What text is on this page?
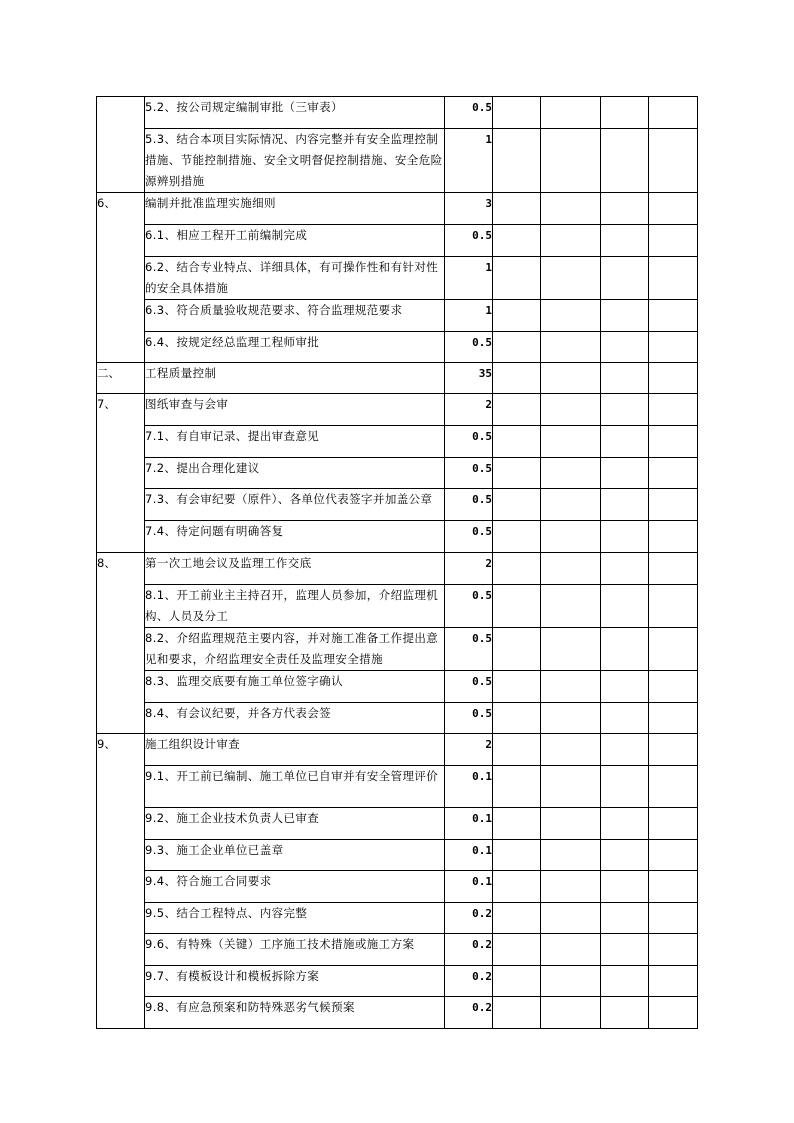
	5.2、按公司规定编制审批（三审表）	0.5				
	5.3、结合本项目实际情况、内容完整并有安全监理控制措施、节能控制措施、安全文明督促控制措施、安全危险源辨别措施	1				
6、	编制并批准监理实施细则	3				
	6.1、相应工程开工前编制完成	0.5				
	6.2、结合专业特点、详细具体，有可操作性和有针对性的安全具体措施	1				
	6.3、符合质量验收规范要求、符合监理规范要求	1				
	6.4、按规定经总监理工程师审批	0.5				
二、	工程质量控制	35				
7、	图纸审查与会审	2				
	7.1、有自审记录、提出审查意见	0.5				
	7.2、提出合理化建议	0.5				
	7.3、有会审纪要（原件）、各单位代表签字并加盖公章	0.5				
	7.4、待定问题有明确答复	0.5				
8、	第一次工地会议及监理工作交底	2				
	8.1、开工前业主主持召开，监理人员参加，介绍监理机构、人员及分工	0.5				
	8.2、介绍监理规范主要内容，并对施工准备工作提出意见和要求，介绍监理安全责任及监理安全措施	0.5				
	8.3、监理交底要有施工单位签字确认	0.5				
	8.4、有会议纪要，并各方代表会签	0.5				
9、	施工组织设计审查	2				
	9.1、开工前已编制、施工单位已自审并有安全管理评价	0.1				
	9.2、施工企业技术负责人已审查	0.1				
	9.3、施工企业单位已盖章	0.1				
	9.4、符合施工合同要求	0.1				
	9.5、结合工程特点、内容完整	0.2				
	9.6、有特殊（关键）工序施工技术措施或施工方案	0.2				
	9.7、有模板设计和模板拆除方案	0.2				
	9.8、有应急预案和防特殊恶劣气候预案	0.2				
